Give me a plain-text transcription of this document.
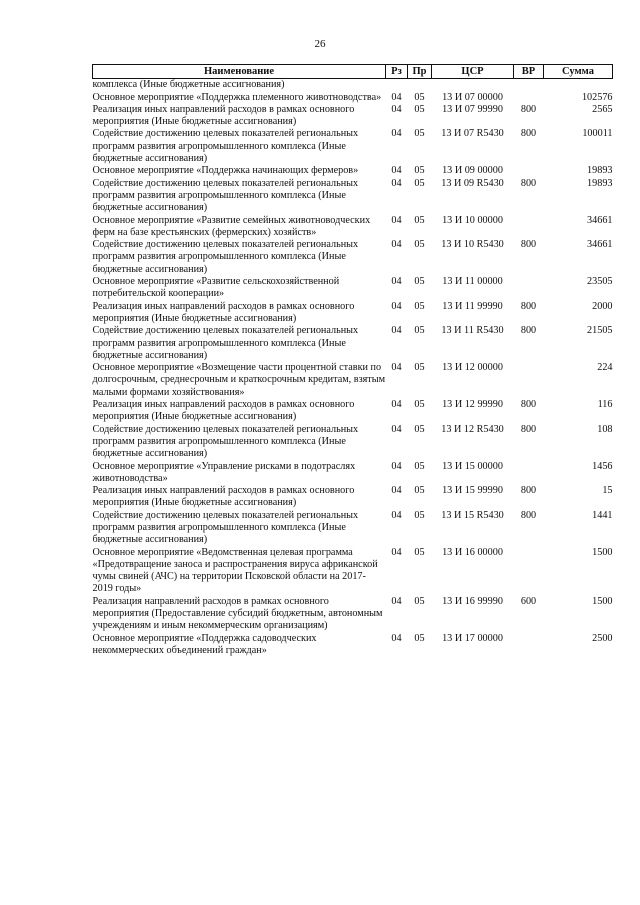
26
Наименование	Рз	Пр	ЦСР	ВР	Сумма
комплекса (Иные бюджетные ассигнования)					
Основное мероприятие «Поддержка племенного животноводства»	04	05	13 И 07 00000		102576
Реализация иных направлений расходов в рамках основного мероприятия (Иные бюджетные ассигнования)	04	05	13 И 07 99990	800	2565
Содействие достижению целевых показателей региональных программ развития агропромышленного комплекса (Иные бюджетные ассигнования)	04	05	13 И 07 R5430	800	100011
Основное мероприятие «Поддержка начинающих фермеров»	04	05	13 И 09 00000		19893
Содействие достижению целевых показателей региональных программ развития агропромышленного комплекса (Иные бюджетные ассигнования)	04	05	13 И 09 R5430	800	19893
Основное мероприятие «Развитие семейных животноводческих ферм на базе крестьянских (фермерских) хозяйств»	04	05	13 И 10 00000		34661
Содействие достижению целевых показателей региональных программ развития агропромышленного комплекса (Иные бюджетные ассигнования)	04	05	13 И 10 R5430	800	34661
Основное мероприятие «Развитие сельскохозяйственной потребительской кооперации»	04	05	13 И 11 00000		23505
Реализация иных направлений расходов в рамках основного мероприятия (Иные бюджетные ассигнования)	04	05	13 И 11 99990	800	2000
Содействие достижению целевых показателей региональных программ развития агропромышленного комплекса (Иные бюджетные ассигнования)	04	05	13 И 11 R5430	800	21505
Основное мероприятие «Возмещение части процентной ставки по долгосрочным, среднесрочным и краткосрочным кредитам, взятым малыми формами хозяйствования»	04	05	13 И 12 00000		224
Реализация иных направлений расходов в рамках основного мероприятия (Иные бюджетные ассигнования)	04	05	13 И 12 99990	800	116
Содействие достижению целевых показателей региональных программ развития агропромышленного комплекса (Иные бюджетные ассигнования)	04	05	13 И 12 R5430	800	108
Основное мероприятие «Управление рисками в подотраслях животноводства»	04	05	13 И 15 00000		1456
Реализация иных направлений расходов в рамках основного мероприятия (Иные бюджетные ассигнования)	04	05	13 И 15 99990	800	15
Содействие достижению целевых показателей региональных программ развития агропромышленного комплекса (Иные бюджетные ассигнования)	04	05	13 И 15 R5430	800	1441
Основное мероприятие «Ведомственная целевая программа «Предотвращение заноса и распространения вируса африканской чумы свиней (АЧС) на территории Псковской области на 2017-2019 годы»	04	05	13 И 16 00000		1500
Реализация направлений расходов в рамках основного мероприятия (Предоставление субсидий бюджетным, автономным учреждениям и иным некоммерческим организациям)	04	05	13 И 16 99990	600	1500
Основное мероприятие «Поддержка садоводческих некоммерческих объединений граждан»	04	05	13 И 17 00000		2500
